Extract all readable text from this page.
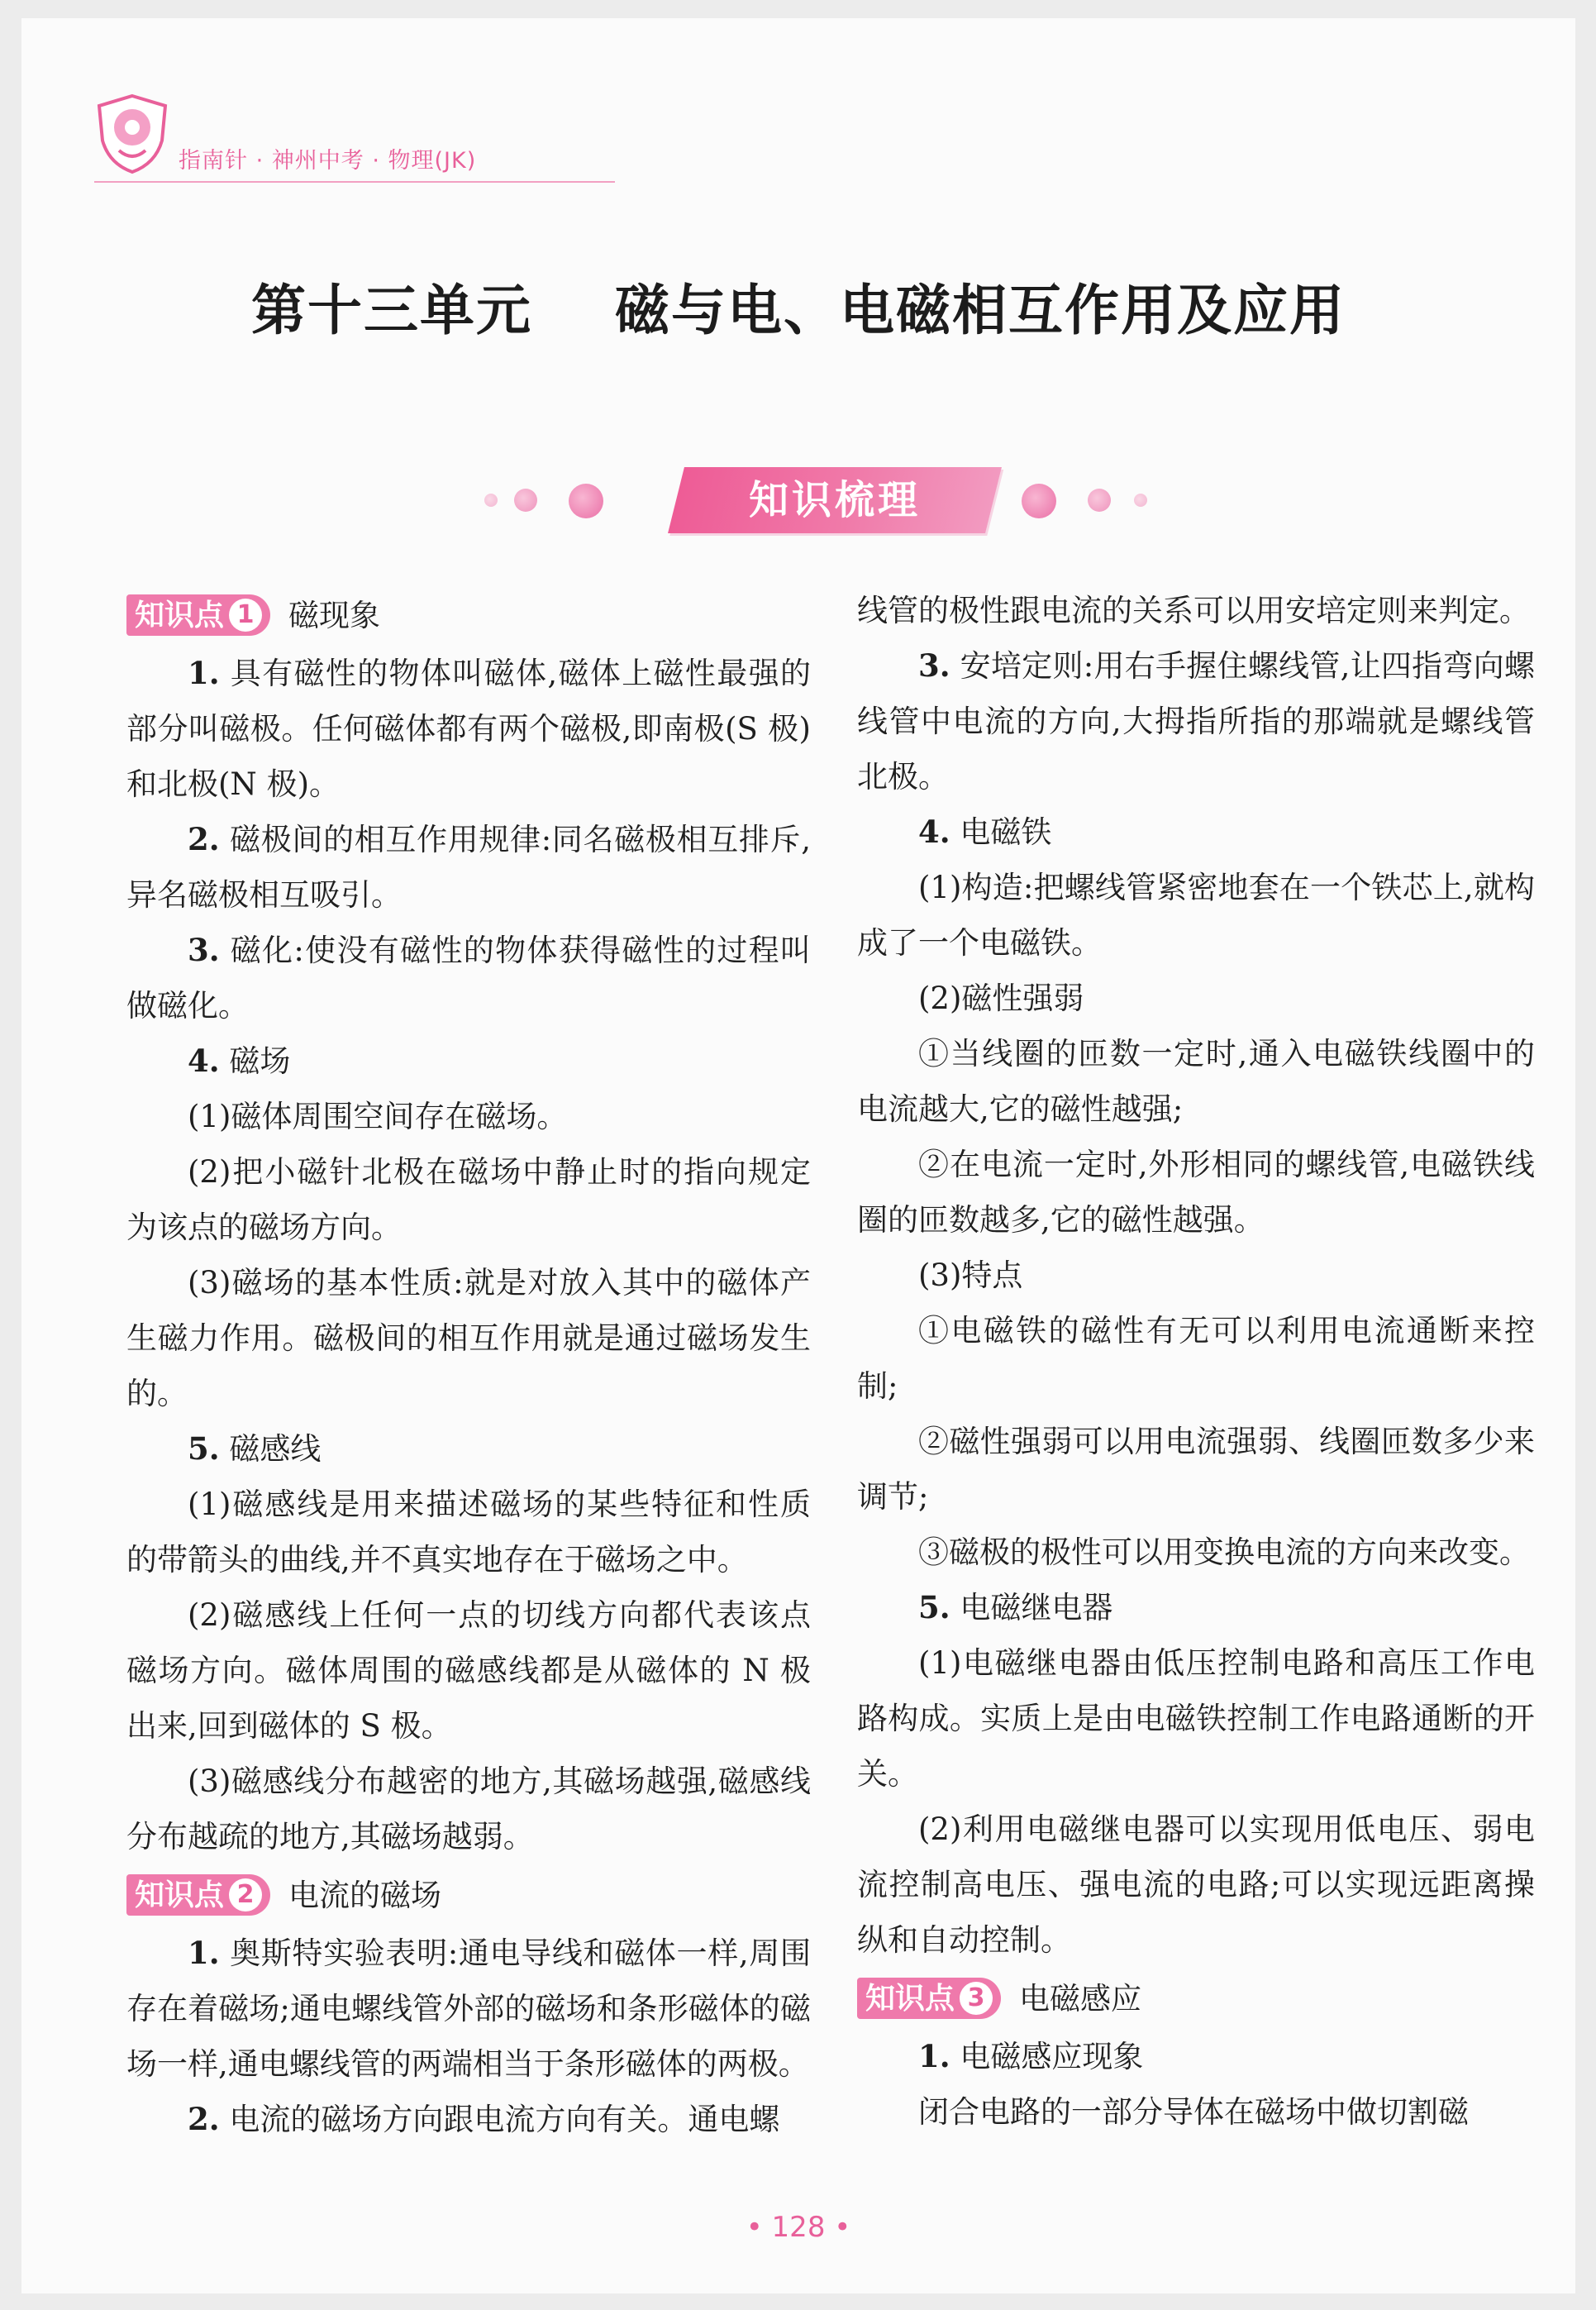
指南针 · 神州中考 · 物理(JK)
第十三单元    磁与电、电磁相互作用及应用
知识梳理
知识点 1 磁现象

1. 具有磁性的物体叫磁体,磁体上磁性最强的部分叫磁极。任何磁体都有两个磁极,即南极(S 极)和北极(N 极)。

2. 磁极间的相互作用规律:同名磁极相互排斥,异名磁极相互吸引。

3. 磁化:使没有磁性的物体获得磁性的过程叫做磁化。

4. 磁场

(1)磁体周围空间存在磁场。

(2)把小磁针北极在磁场中静止时的指向规定为该点的磁场方向。

(3)磁场的基本性质:就是对放入其中的磁体产生磁力作用。磁极间的相互作用就是通过磁场发生的。

5. 磁感线

(1)磁感线是用来描述磁场的某些特征和性质的带箭头的曲线,并不真实地存在于磁场之中。

(2)磁感线上任何一点的切线方向都代表该点磁场方向。磁体周围的磁感线都是从磁体的 N 极出来,回到磁体的 S 极。

(3)磁感线分布越密的地方,其磁场越强,磁感线分布越疏的地方,其磁场越弱。

知识点 2 电流的磁场

1. 奥斯特实验表明:通电导线和磁体一样,周围存在着磁场;通电螺线管外部的磁场和条形磁体的磁场一样,通电螺线管的两端相当于条形磁体的两极。

2. 电流的磁场方向跟电流方向有关。通电螺

线管的极性跟电流的关系可以用安培定则来判定。

3. 安培定则:用右手握住螺线管,让四指弯向螺线管中电流的方向,大拇指所指的那端就是螺线管北极。

4. 电磁铁

(1)构造:把螺线管紧密地套在一个铁芯上,就构成了一个电磁铁。

(2)磁性强弱

①当线圈的匝数一定时,通入电磁铁线圈中的电流越大,它的磁性越强;

②在电流一定时,外形相同的螺线管,电磁铁线圈的匝数越多,它的磁性越强。

(3)特点

①电磁铁的磁性有无可以利用电流通断来控制;

②磁性强弱可以用电流强弱、线圈匝数多少来调节;

③磁极的极性可以用变换电流的方向来改变。

5. 电磁继电器

(1)电磁继电器由低压控制电路和高压工作电路构成。实质上是由电磁铁控制工作电路通断的开关。

(2)利用电磁继电器可以实现用低电压、弱电流控制高电压、强电流的电路;可以实现远距离操纵和自动控制。

知识点 3 电磁感应

1. 电磁感应现象

闭合电路的一部分导体在磁场中做切割磁

• 128 •
